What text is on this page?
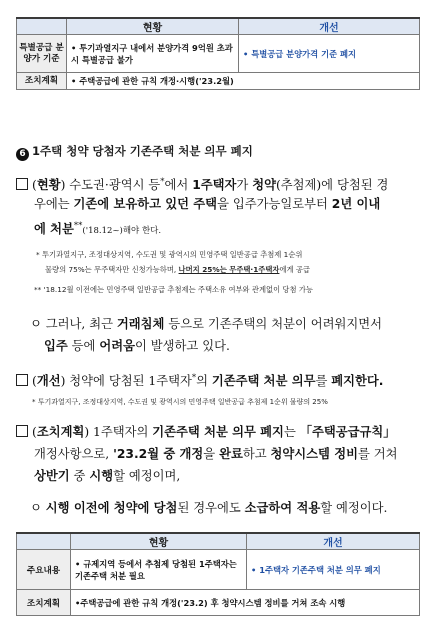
	현황	개선
특별공급 분양가 기준	• 투기과열지구 내에서 분양가격 9억원 초과시 특별공급 불가	• 특별공급 분양가격 기준 폐지
조치계획	• 주택공급에 관한 규칙 개정·시행('23.2월)	
6 1주택 청약 당첨자 기존주택 처분 의무 폐지
(현황) 수도권·광역시 등*에서 1주택자가 청약(추첨제)에 당첨된 경
우에는 기존에 보유하고 있던 주택을 입주가능일로부터 2년 이내
에 처분**('18.12~)해야 한다.
* 투기과열지구, 조정대상지역, 수도권 및 광역시의 민영주택 일반공급 추첨제 1순위
물량의 75%는 무주택자만 신청가능하며, 나머지 25%는 무주택·1주택자에게 공급
** '18.12월 이전에는 민영주택 일반공급 추첨제는 주택소유 여부와 관계없이 당첨 가능
ㅇ 그러나, 최근 거래침체 등으로 기존주택의 처분이 어려워지면서
입주 등에 어려움이 발생하고 있다.
(개선) 청약에 당첨된 1주택자*의 기존주택 처분 의무를 폐지한다.
* 투기과열지구, 조정대상지역, 수도권 및 광역시의 민영주택 일반공급 추첨제 1순위 물량의 25%
(조치계획) 1주택자의 기존주택 처분 의무 폐지는 「주택공급규칙」
개정사항으로, '23.2월 중 개정을 완료하고 청약시스템 정비를 거쳐
상반기 중 시행할 예정이며,
ㅇ 시행 이전에 청약에 당첨된 경우에도 소급하여 적용할 예정이다.
	현황	개선
주요내용	• 규제지역 등에서 추첨제 당첨된 1주택자는 기존주택 처분 필요	• 1주택자 기존주택 처분 의무 폐지
조치계획	•주택공급에 관한 규칙 개정('23.2) 후 청약시스템 정비를 거쳐 조속 시행	
